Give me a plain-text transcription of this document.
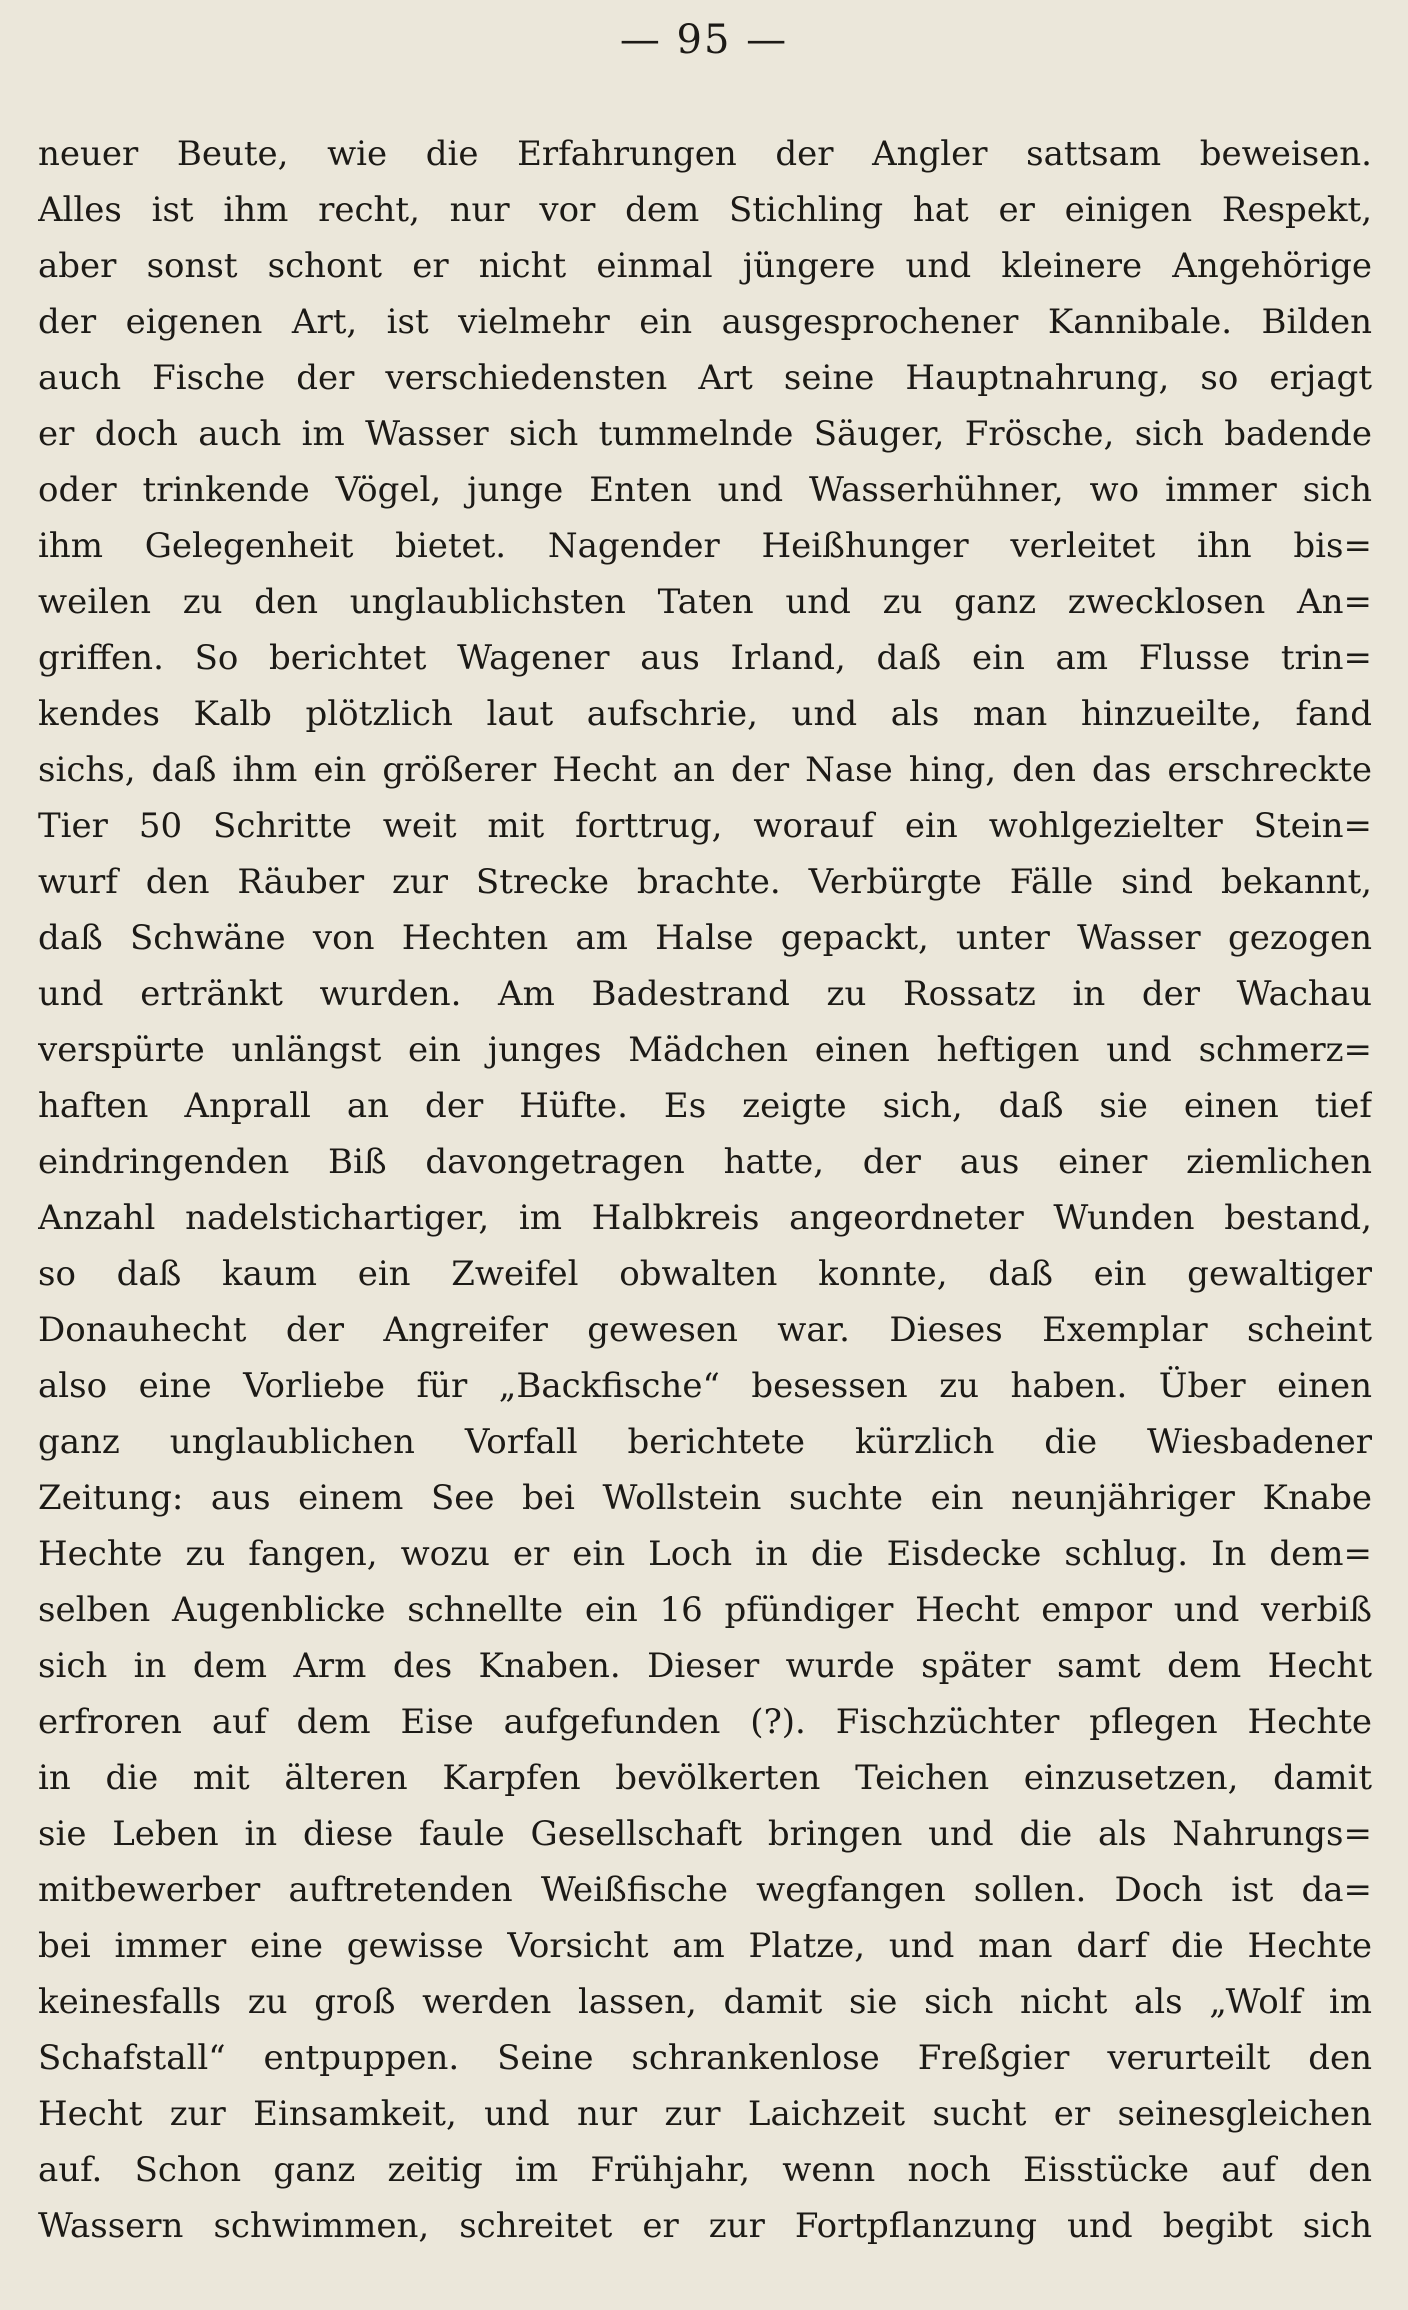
— 95 —
neuer Beute, wie die Erfahrungen der Angler sattsam beweisen.
Alles ist ihm recht, nur vor dem Stichling hat er einigen Respekt,
aber sonst schont er nicht einmal jüngere und kleinere Angehörige
der eigenen Art, ist vielmehr ein ausgesprochener Kannibale. Bilden
auch Fische der verschiedensten Art seine Hauptnahrung, so erjagt
er doch auch im Wasser sich tummelnde Säuger, Frösche, sich badende
oder trinkende Vögel, junge Enten und Wasserhühner, wo immer sich
ihm Gelegenheit bietet. Nagender Heißhunger verleitet ihn bis=
weilen zu den unglaublichsten Taten und zu ganz zwecklosen An=
griffen. So berichtet Wagener aus Irland, daß ein am Flusse trin=
kendes Kalb plötzlich laut aufschrie, und als man hinzueilte, fand
sichs, daß ihm ein größerer Hecht an der Nase hing, den das erschreckte
Tier 50 Schritte weit mit forttrug, worauf ein wohlgezielter Stein=
wurf den Räuber zur Strecke brachte. Verbürgte Fälle sind bekannt,
daß Schwäne von Hechten am Halse gepackt, unter Wasser gezogen
und ertränkt wurden. Am Badestrand zu Rossatz in der Wachau
verspürte unlängst ein junges Mädchen einen heftigen und schmerz=
haften Anprall an der Hüfte. Es zeigte sich, daß sie einen tief
eindringenden Biß davongetragen hatte, der aus einer ziemlichen
Anzahl nadelstichartiger, im Halbkreis angeordneter Wunden bestand,
so daß kaum ein Zweifel obwalten konnte, daß ein gewaltiger
Donauhecht der Angreifer gewesen war. Dieses Exemplar scheint
also eine Vorliebe für „Backfische“ besessen zu haben. Über einen
ganz unglaublichen Vorfall berichtete kürzlich die Wiesbadener
Zeitung: aus einem See bei Wollstein suchte ein neunjähriger Knabe
Hechte zu fangen, wozu er ein Loch in die Eisdecke schlug. In dem=
selben Augenblicke schnellte ein 16 pfündiger Hecht empor und verbiß
sich in dem Arm des Knaben. Dieser wurde später samt dem Hecht
erfroren auf dem Eise aufgefunden (?). Fischzüchter pflegen Hechte
in die mit älteren Karpfen bevölkerten Teichen einzusetzen, damit
sie Leben in diese faule Gesellschaft bringen und die als Nahrungs=
mitbewerber auftretenden Weißfische wegfangen sollen. Doch ist da=
bei immer eine gewisse Vorsicht am Platze, und man darf die Hechte
keinesfalls zu groß werden lassen, damit sie sich nicht als „Wolf im
Schafstall“ entpuppen. Seine schrankenlose Freßgier verurteilt den
Hecht zur Einsamkeit, und nur zur Laichzeit sucht er seinesgleichen
auf. Schon ganz zeitig im Frühjahr, wenn noch Eisstücke auf den
Wassern schwimmen, schreitet er zur Fortpflanzung und begibt sich
